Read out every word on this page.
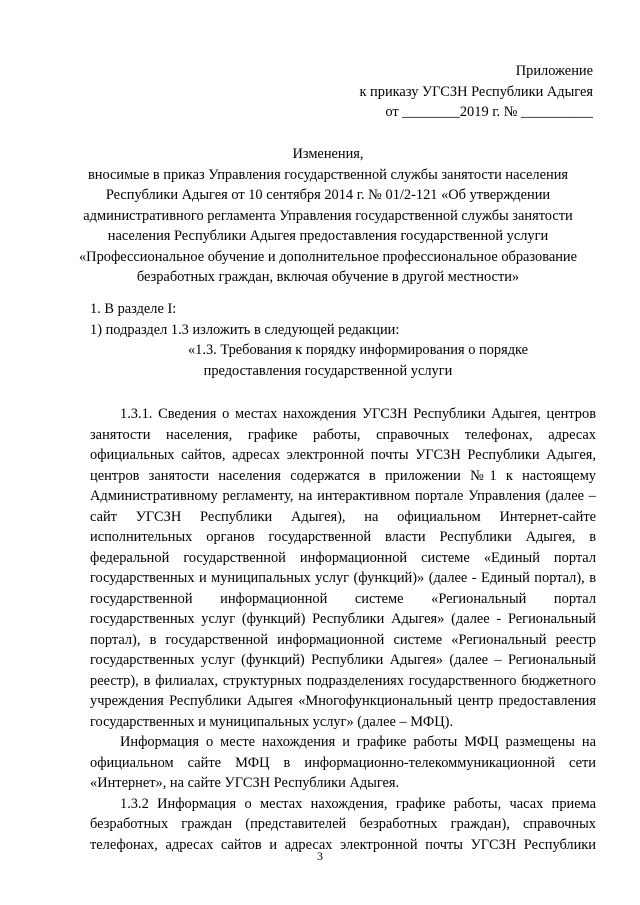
Приложение
к приказу УГСЗН Республики Адыгея
от ________2019 г. № __________
Изменения,
вносимые в приказ Управления государственной службы занятости населения
Республики Адыгея от 10 сентября 2014 г. № 01/2-121 «Об утверждении
административного регламента Управления государственной службы занятости
населения Республики Адыгея предоставления государственной услуги
«Профессиональное обучение и дополнительное профессиональное образование
безработных граждан, включая обучение в другой местности»
1. В разделе I:
1) подраздел 1.3 изложить в следующей редакции:
«1.3. Требования к порядку информирования о порядке
предоставления государственной услуги
1.3.1. Сведения о местах нахождения УГСЗН Республики Адыгея, центров
занятости населения, графике работы, справочных телефонах, адресах
официальных сайтов, адресах электронной почты УГСЗН Республики Адыгея,
центров занятости населения содержатся в приложении №1 к настоящему
Административному регламенту, на интерактивном портале Управления (далее –
сайт УГСЗН Республики Адыгея), на официальном Интернет-сайте
исполнительных органов государственной власти Республики Адыгея, в
федеральной государственной информационной системе «Единый портал
государственных и муниципальных услуг (функций)» (далее - Единый портал), в
государственной информационной системе «Региональный портал
государственных услуг (функций) Республики Адыгея» (далее - Региональный
портал), в государственной информационной системе «Региональный реестр
государственных услуг (функций) Республики Адыгея» (далее – Региональный
реестр), в филиалах, структурных подразделениях государственного бюджетного
учреждения Республики Адыгея «Многофункциональный центр предоставления
государственных и муниципальных услуг» (далее – МФЦ).
Информация о месте нахождения и графике работы МФЦ размещены на
официальном сайте МФЦ в информационно-телекоммуникационной сети
«Интернет», на сайте УГСЗН Республики Адыгея.
1.3.2 Информация о местах нахождения, графике работы, часах приема
безработных граждан (представителей безработных граждан), справочных
телефонах, адресах сайтов и адресах электронной почты УГСЗН Республики
3
